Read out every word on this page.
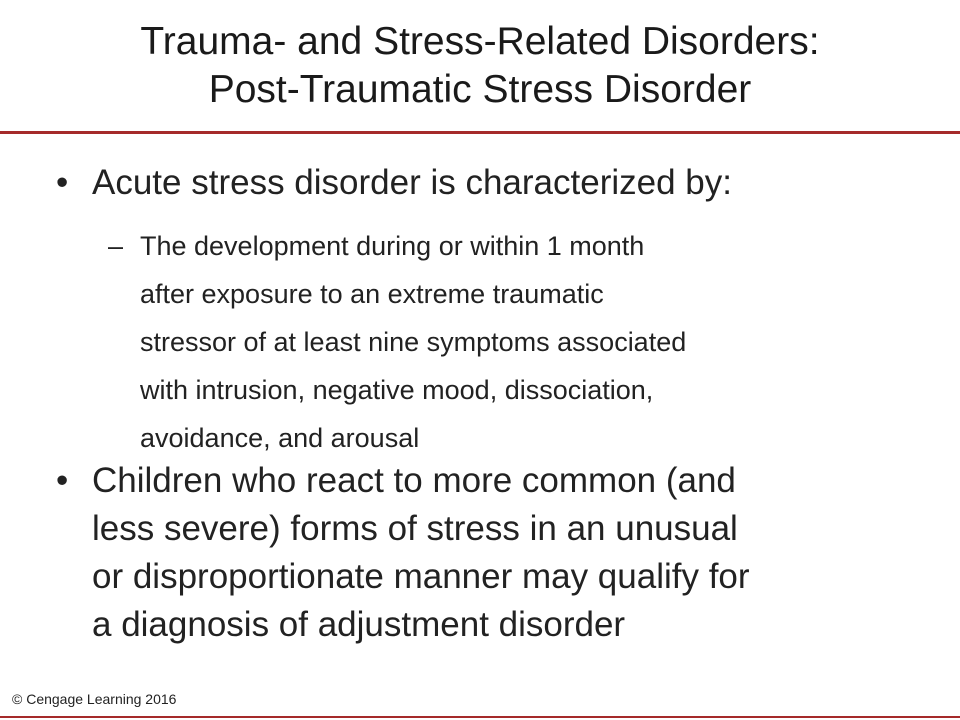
Trauma- and Stress-Related Disorders:
Post-Traumatic Stress Disorder
• Acute stress disorder is characterized by:
– The development during or within 1 month
after exposure to an extreme traumatic
stressor of at least nine symptoms associated
with intrusion, negative mood, dissociation,
avoidance, and arousal
• Children who react to more common (and
less severe) forms of stress in an unusual
or disproportionate manner may qualify for
a diagnosis of adjustment disorder
© Cengage Learning 2016
